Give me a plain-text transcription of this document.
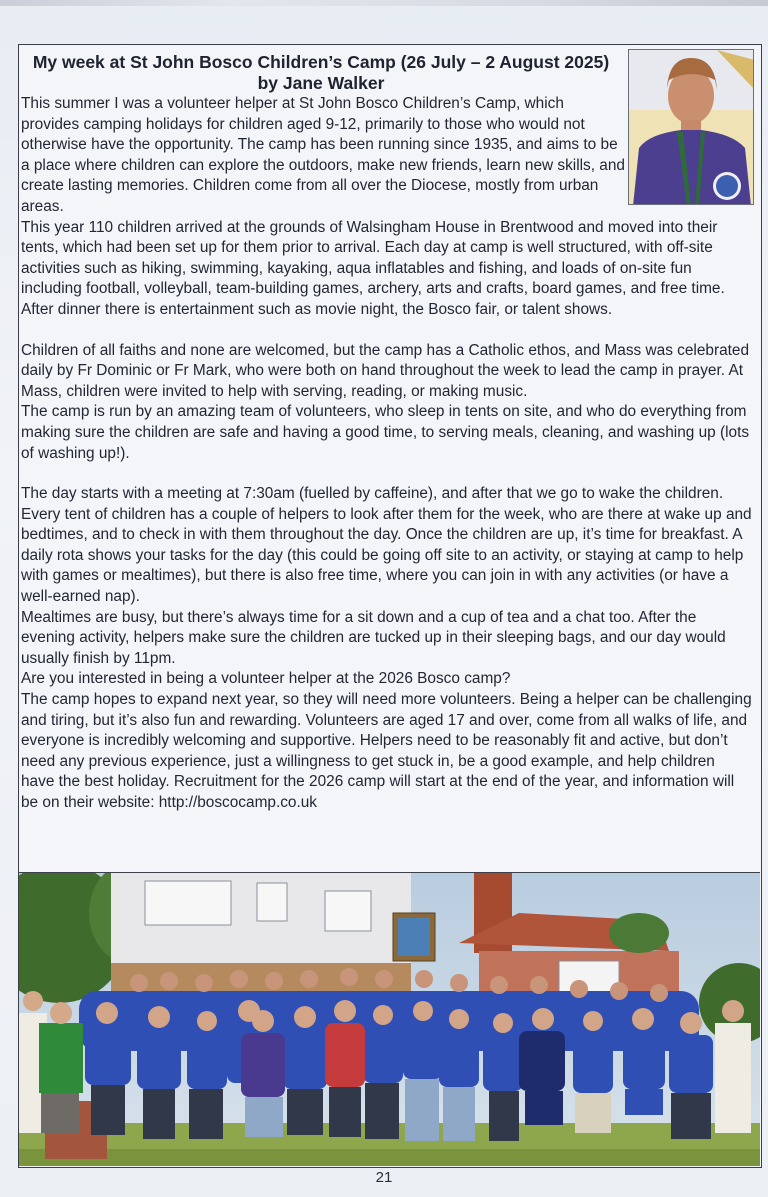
My week at St John Bosco Children’s Camp (26 July – 2 August 2025)
by Jane Walker

This summer I was a volunteer helper at St John Bosco Children’s Camp, which provides camping holidays for children aged 9-12, primarily to those who would not otherwise have the opportunity. The camp has been running since 1935, and aims to be a place where children can explore the outdoors, make new friends, learn new skills, and create lasting memories. Children come from all over the Diocese, mostly from urban areas.

This year 110 children arrived at the grounds of Walsingham House in Brentwood and moved into their tents, which had been set up for them prior to arrival. Each day at camp is well structured, with off-site activities such as hiking, swimming, kayaking, aqua inflatables and fishing, and loads of on-site fun including football, volleyball, team-building games, archery, arts and crafts, board games, and free time. After dinner there is entertainment such as movie night, the Bosco fair, or talent shows.

Children of all faiths and none are welcomed, but the camp has a Catholic ethos, and Mass was celebrated daily by Fr Dominic or Fr Mark, who were both on hand throughout the week to lead the camp in prayer. At Mass, children were invited to help with serving, reading, or making music.

The camp is run by an amazing team of volunteers, who sleep in tents on site, and who do everything from making sure the children are safe and having a good time, to serving meals, cleaning, and washing up (lots of washing up!).

The day starts with a meeting at 7:30am (fuelled by caffeine), and after that we go to wake the children. Every tent of children has a couple of helpers to look after them for the week, who are there at wake up and bedtimes, and to check in with them throughout the day. Once the children are up, it’s time for breakfast. A daily rota shows your tasks for the day (this could be going off site to an activity, or staying at camp to help with games or mealtimes), but there is also free time, where you can join in with any activities (or have a well-earned nap).

Mealtimes are busy, but there’s always time for a sit down and a cup of tea and a chat too. After the evening activity, helpers make sure the children are tucked up in their sleeping bags, and our day would usually finish by 11pm.

Are you interested in being a volunteer helper at the 2026 Bosco camp?

The camp hopes to expand next year, so they will need more volunteers. Being a helper can be challenging and tiring, but it’s also fun and rewarding. Volunteers are aged 17 and over, come from all walks of life, and everyone is incredibly welcoming and supportive. Helpers need to be reasonably fit and active, but don’t need any previous experience, just a willingness to get stuck in, be a good example, and help children have the best holiday. Recruitment for the 2026 camp will start at the end of the year, and information will be on their website: http://boscocamp.co.uk

21
